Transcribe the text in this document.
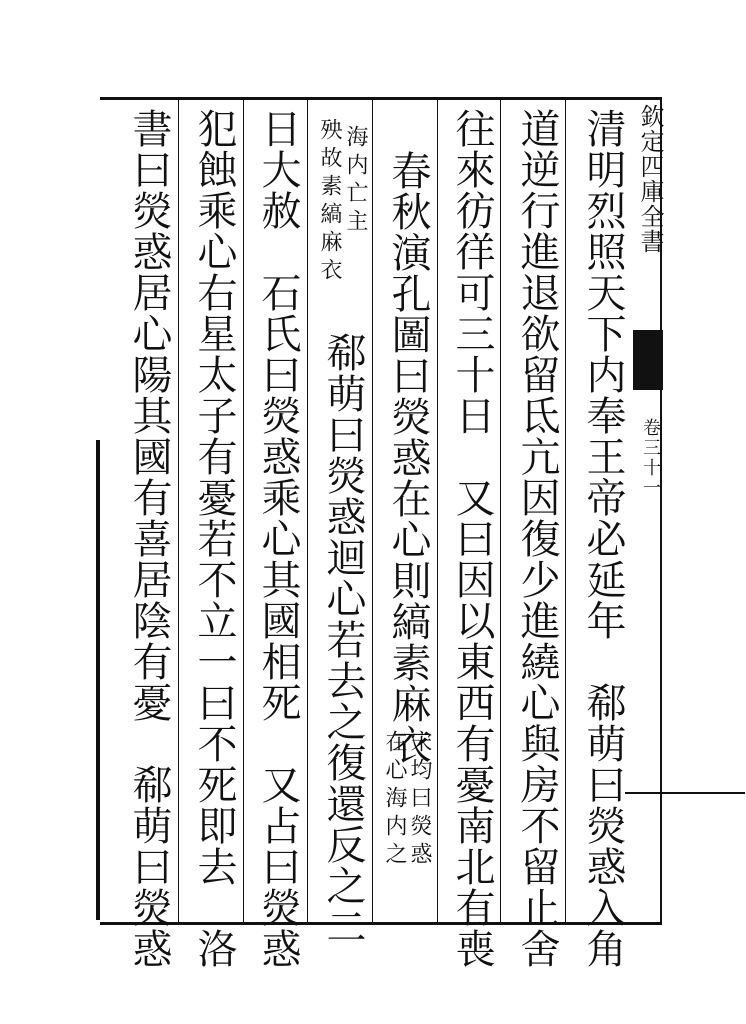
欽定四庫全書
卷三十一
清明烈照天下内奉王帝必延年　郗萌曰熒惑入角
道逆行進退欲留氐亢因復少進繞心與房不留止舍
往來彷徉可三十日　又曰因以東西有憂南北有喪
春秋演孔圖曰熒惑在心則縞素麻衣
宋均曰熒惑
在心海内之
海内亡主
殃故素縞麻衣
郗萌曰熒惑迴心若去之復還反之二
日大赦　石氏曰熒惑乘心其國相死　又占曰熒惑
犯蝕乘心右星太子有憂若不立一曰不死即去　洛
書曰熒惑居心陽其國有喜居陰有憂　郗萌曰熒惑
